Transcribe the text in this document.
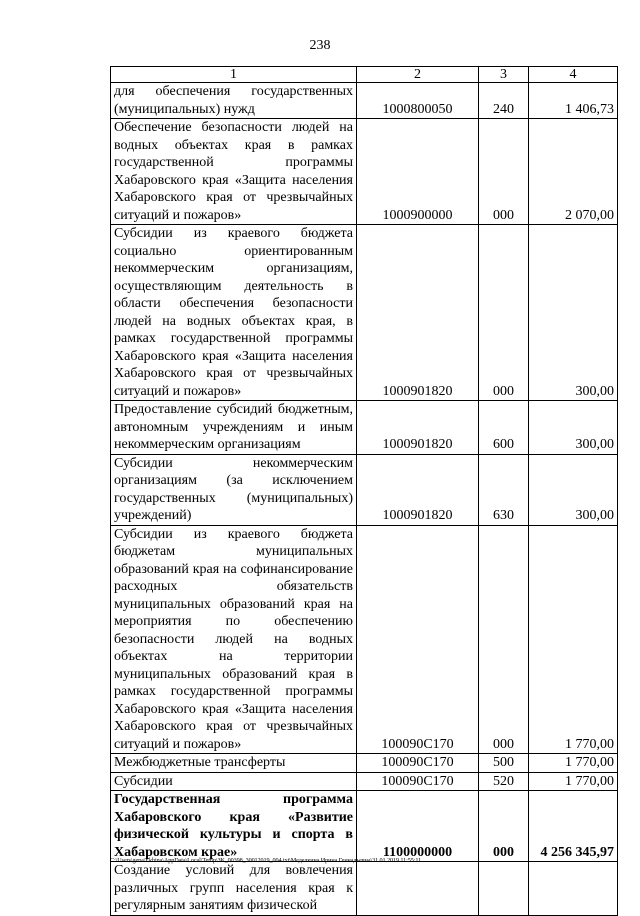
238
1	2	3	4
для обеспечения государственных (муниципальных) нужд	1000800050	240	1 406,73
Обеспечение безопасности людей на водных объектах края в рамках государственной программы Хабаровского края «Защита населения Хабаровского края от чрезвычайных ситуаций и пожаров»	1000900000	000	2 070,00
Субсидии из краевого бюджета социально ориентированным некоммерческим организациям, осуществляющим деятельность в области обеспечения безопасности людей на водных объектах края, в рамках государственной программы Хабаровского края «Защита населения Хабаровского края от чрезвычайных ситуаций и пожаров»	1000901820	000	300,00
Предоставление субсидий бюджетным, автономным учреждениям и иным некоммерческим организациям	1000901820	600	300,00
Субсидии некоммерческим организациям (за исключением государственных (муниципальных) учреждений)	1000901820	630	300,00
Субсидии из краевого бюджета бюджетам муниципальных образований края на софинансирование расходных обязательств муниципальных образований края на мероприятия по обеспечению безопасности людей на водных объектах на территории муниципальных образований края в рамках государственной программы Хабаровского края «Защита населения Хабаровского края от чрезвычайных ситуаций и пожаров»	100090С170	000	1 770,00
Межбюджетные трансферты	100090С170	500	1 770,00
Субсидии	100090С170	520	1 770,00
Государственная программа Хабаровского края «Развитие физической культуры и спорта в Хабаровском крае»	1100000000	000	4 256 345,97
Создание условий для вовлечения различных групп населения края к регулярным занятиям физической			
C:\Users\gena\Ekhina\AppData\Local\Temp\ЗК_00398_30012019_004.txt\Меделкина Ирина Геннадьевна\31.01.2019 11:55:11
